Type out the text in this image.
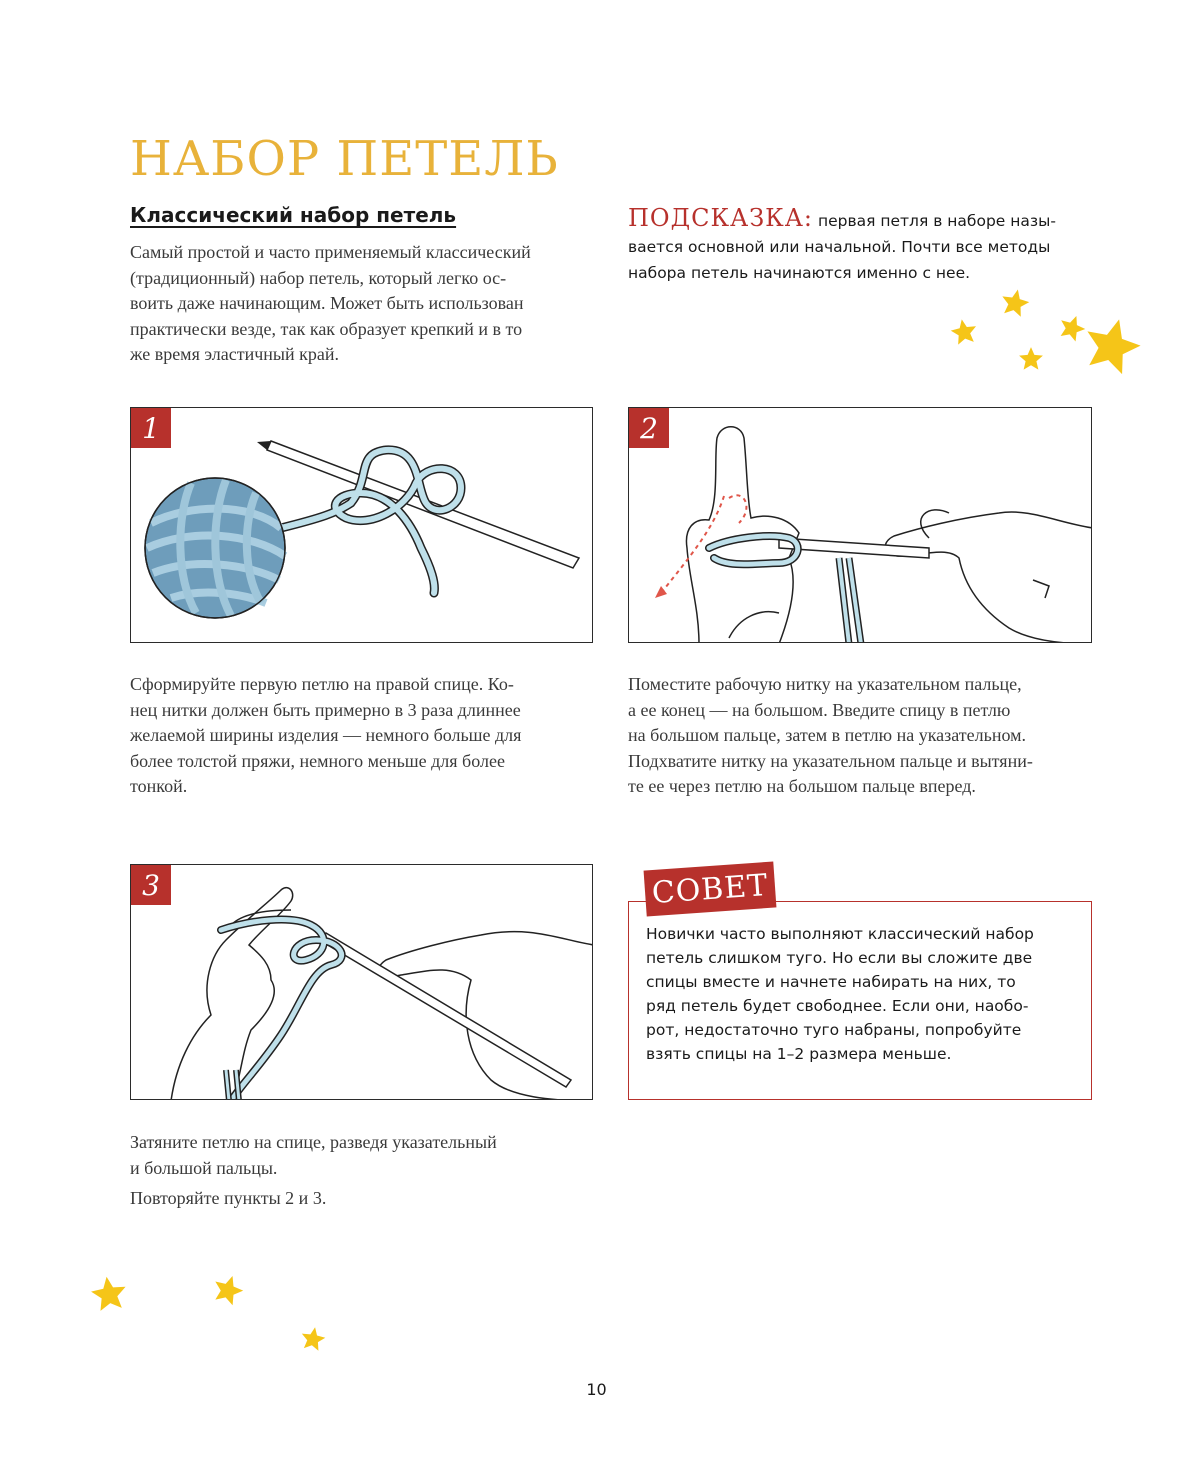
НАБОР ПЕТЕЛЬ
Классический набор петель

Самый простой и часто применяемый классический
(традиционный) набор петель, который легко ос-
воить даже начинающим. Может быть использован
практически везде, так как образует крепкий и в то
же время эластичный край.

ПОДСКАЗКА: первая петля в наборе назы-
вается основной или начальной. Почти все методы
набора петель начинаются именно с нее.
1

Сформируйте первую петлю на правой спице. Ко-
нец нитки должен быть примерно в 3 раза длиннее
желаемой ширины изделия — немного больше для
более толстой пряжи, немного меньше для более
тонкой.

2

Поместите рабочую нитку на указательном пальце,
а ее конец — на большом. Введите спицу в петлю
на большом пальце, затем в петлю на указательном.
Подхватите нитку на указательном пальце и вытяни-
те ее через петлю на большом пальце вперед.

3

Затяните петлю на спице, разведя указательный
и большой пальцы.

Повторяйте пункты 2 и 3.

СОВЕТ

Новички часто выполняют классический набор
петель слишком туго. Но если вы сложите две
спицы вместе и начнете набирать на них, то
ряд петель будет свободнее. Если они, наобо-
рот, недостаточно туго набраны, попробуйте
взять спицы на 1–2 размера меньше.

10
